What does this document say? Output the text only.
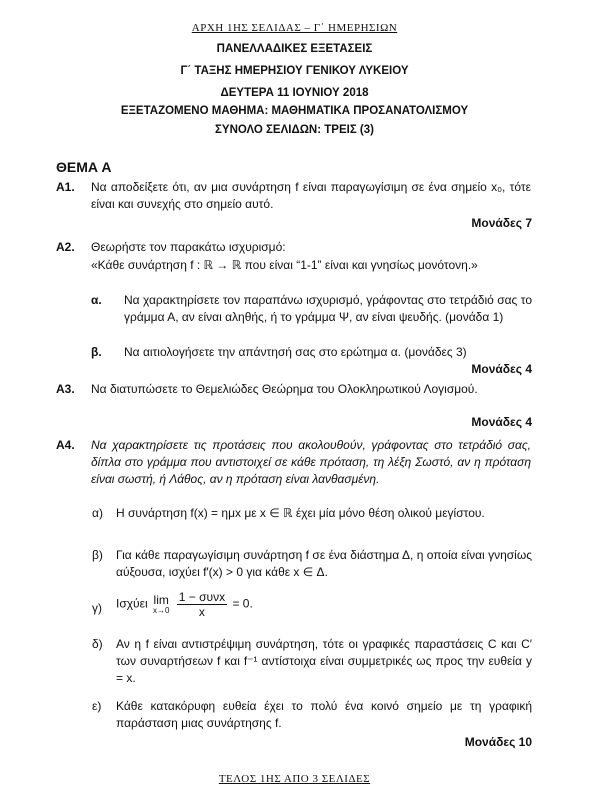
ΑΡΧΗ 1ΗΣ ΣΕΛΙΔΑΣ – Γ΄ ΗΜΕΡΗΣΙΩΝ
ΠΑΝΕΛΛΑΔΙΚΕΣ ΕΞΕΤΑΣΕΙΣ
Γ΄ ΤΑΞΗΣ ΗΜΕΡΗΣΙΟΥ ΓΕΝΙΚΟΥ ΛΥΚΕΙΟΥ
ΔΕΥΤΕΡΑ 11 ΙΟΥΝΙΟΥ 2018
ΕΞΕΤΑΖΟΜΕΝΟ ΜΑΘΗΜΑ: ΜΑΘΗΜΑΤΙΚΑ ΠΡΟΣΑΝΑΤΟΛΙΣΜΟΥ
ΣΥΝΟΛΟ ΣΕΛΙΔΩΝ: ΤΡΕΙΣ (3)
ΘΕΜΑ Α
Α1. Να αποδείξετε ότι, αν μια συνάρτηση f είναι παραγωγίσιμη σε ένα σημείο x₀, τότε είναι και συνεχής στο σημείο αυτό.
Μονάδες 7
Α2. Θεωρήστε τον παρακάτω ισχυρισμό:
«Κάθε συνάρτηση f : ℝ → ℝ που είναι “1-1” είναι και γνησίως μονότονη.»
α. Να χαρακτηρίσετε τον παραπάνω ισχυρισμό, γράφοντας στο τετράδιό σας το γράμμα Α, αν είναι αληθής, ή το γράμμα Ψ, αν είναι ψευδής. (μονάδα 1)
β. Να αιτιολογήσετε την απάντησή σας στο ερώτημα α. (μονάδες 3)
Μονάδες 4
Α3. Να διατυπώσετε το Θεμελιώδες Θεώρημα του Ολοκληρωτικού Λογισμού.
Μονάδες 4
Α4. Να χαρακτηρίσετε τις προτάσεις που ακολουθούν, γράφοντας στο τετράδιό σας, δίπλα στο γράμμα που αντιστοιχεί σε κάθε πρόταση, τη λέξη Σωστό, αν η πρόταση είναι σωστή, ή Λάθος, αν η πρόταση είναι λανθασμένη.
α) Η συνάρτηση f(x) = ημx με x ∈ ℝ έχει μία μόνο θέση ολικού μεγίστου.
β) Για κάθε παραγωγίσιμη συνάρτηση f σε ένα διάστημα Δ, η οποία είναι γνησίως αύξουσα, ισχύει f′(x) > 0 για κάθε x ∈ Δ.
γ) Ισχύει lim
x→0
$\frac{\text{1 − συνx}}{x} = 0$.
δ) Αν η f είναι αντιστρέψιμη συνάρτηση, τότε οι γραφικές παραστάσεις C και C′ των συναρτήσεων f και f⁻¹ αντίστοιχα είναι συμμετρικές ως προς την ευθεία y = x.
ε) Κάθε κατακόρυφη ευθεία έχει το πολύ ένα κοινό σημείο με τη γραφική παράσταση μιας συνάρτησης f.
Μονάδες 10
ΤΕΛΟΣ 1ΗΣ ΑΠΟ 3 ΣΕΛΙΔΕΣ
